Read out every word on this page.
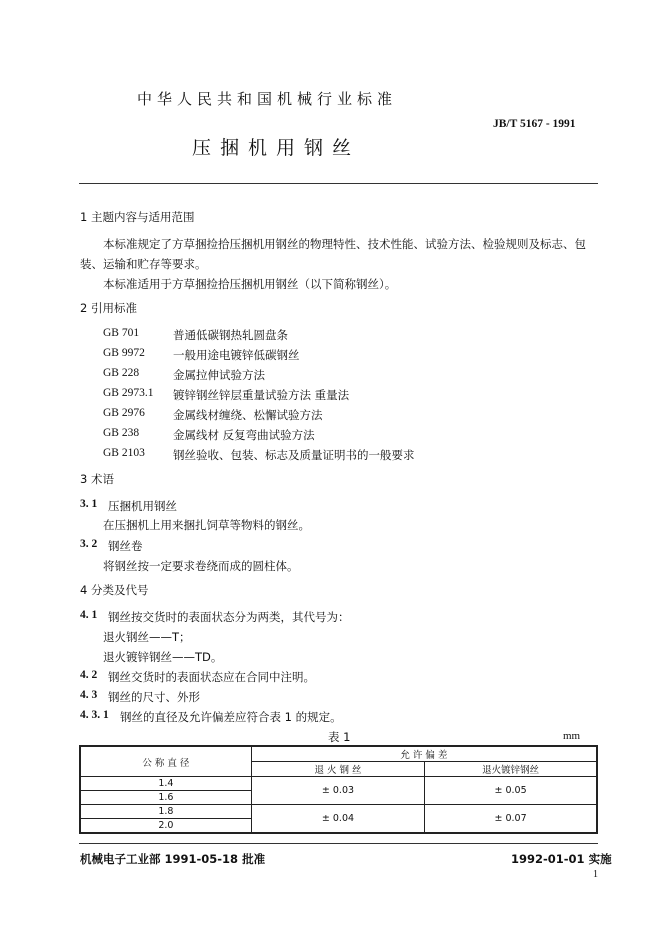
中华人民共和国机械行业标准
JB/T 5167 - 1991
压捆机用钢丝
1 主题内容与适用范围
本标准规定了方草捆捡拾压捆机用钢丝的物理特性、技术性能、试验方法、检验规则及标志、包
装、运输和贮存等要求。
本标准适用于方草捆捡拾压捆机用钢丝（以下简称钢丝）。
2 引用标准
GB 701	普通低碳钢热轧圆盘条
GB 9972 一般用途电镀锌低碳钢丝
GB 228	金属拉伸试验方法
GB 2973.1 镀锌钢丝锌层重量试验方法 重量法
GB 2976 金属线材缠绕、松懈试验方法
GB 238	金属线材 反复弯曲试验方法
GB 2103 钢丝验收、包装、标志及质量证明书的一般要求
3 术语
3. 1 压捆机用钢丝
在压捆机上用来捆扎饲草等物料的钢丝。
3. 2 钢丝卷
将钢丝按一定要求卷绕而成的圆柱体。
4 分类及代号
4. 1 钢丝按交货时的表面状态分为两类，其代号为：
退火钢丝——T；
退火镀锌钢丝——TD。
4. 2 钢丝交货时的表面状态应在合同中注明。
4. 3 钢丝的尺寸、外形
4. 3. 1 钢丝的直径及允许偏差应符合表 1 的规定。
表 1	mm
公 称 直 径	允 许 偏 差	
	退 火 钢 丝	退火镀锌钢丝
1.4	± 0.03	± 0.05
1.6		
1.8	± 0.04	± 0.07
2.0		
机械电子工业部 1991-05-18 批准	1992-01-01 实施
1
